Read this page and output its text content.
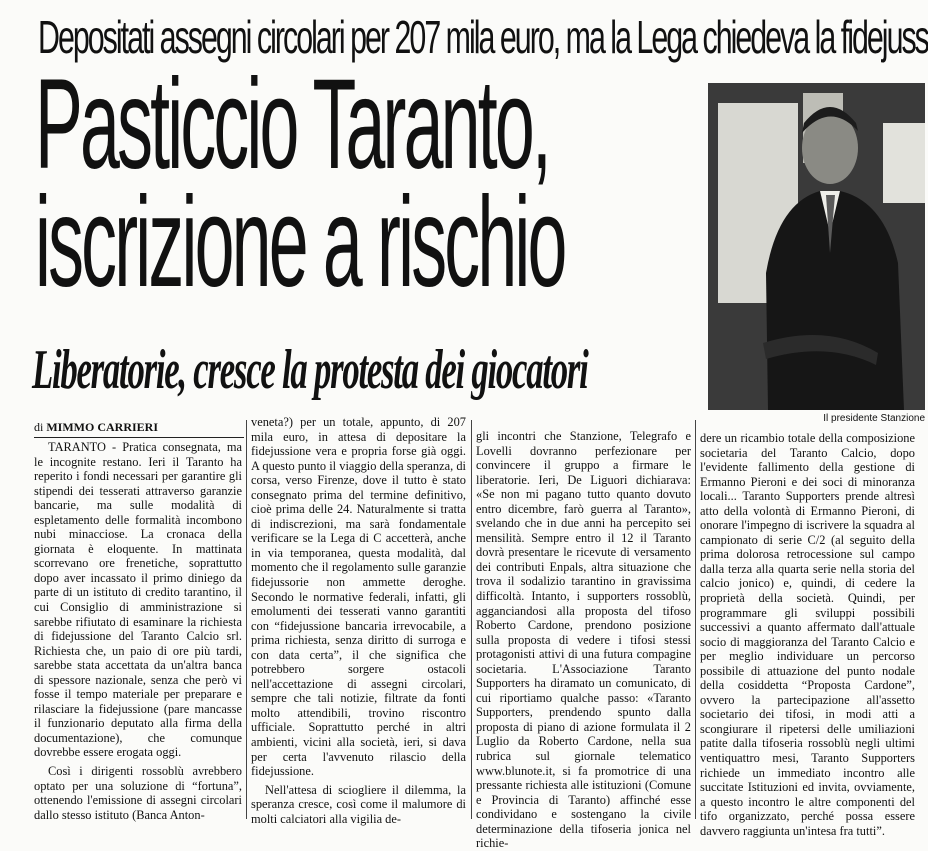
Depositati assegni circolari per 207 mila euro, ma la Lega chiedeva la fidejuss
Pasticcio Taranto,
iscrizione a rischio
Liberatorie, cresce la protesta dei giocatori
Il presidente Stanzione
di MIMMO CARRIERI

TARANTO - Pratica consegnata, ma le incognite restano. Ieri il Taranto ha reperito i fondi necessari per garantire gli stipendi dei tesserati attraverso garanzie bancarie, ma sulle modalità di espletamento delle formalità incombono nubi minacciose. La cronaca della giornata è eloquente. In mattinata scorrevano ore frenetiche, soprattutto dopo aver incassato il primo diniego da parte di un istituto di credito tarantino, il cui Consiglio di amministrazione si sarebbe rifiutato di esaminare la richiesta di fidejussione del Taranto Calcio srl. Richiesta che, un paio di ore più tardi, sarebbe stata accettata da un'altra banca di spessore nazionale, senza che però vi fosse il tempo materiale per preparare e rilasciare la fidejussione (pare mancasse il funzionario deputato alla firma della documentazione), che comunque dovrebbe essere erogata oggi.

Così i dirigenti rossoblù avrebbero optato per una soluzione di “fortuna”, ottenendo l'emissione di assegni circolari dallo stesso istituto (Banca Anton-

veneta?) per un totale, appunto, di 207 mila euro, in attesa di depositare la fidejussione vera e propria forse già oggi. A questo punto il viaggio della speranza, di corsa, verso Firenze, dove il tutto è stato consegnato prima del termine definitivo, cioè prima delle 24. Naturalmente si tratta di indiscrezioni, ma sarà fondamentale verificare se la Lega di C accetterà, anche in via temporanea, questa modalità, dal momento che il regolamento sulle garanzie fidejussorie non ammette deroghe. Secondo le normative federali, infatti, gli emolumenti dei tesserati vanno garantiti con “fidejussione bancaria irrevocabile, a prima richiesta, senza diritto di surroga e con data certa”, il che significa che potrebbero sorgere ostacoli nell'accettazione di assegni circolari, sempre che tali notizie, filtrate da fonti molto attendibili, trovino riscontro ufficiale. Soprattutto perché in altri ambienti, vicini alla società, ieri, si dava per certa l'avvenuto rilascio della fidejussione.

Nell'attesa di sciogliere il dilemma, la speranza cresce, così come il malumore di molti calciatori alla vigilia de-

gli incontri che Stanzione, Telegrafo e Lovelli dovranno perfezionare per convincere il gruppo a firmare le liberatorie. Ieri, De Liguori dichiarava: «Se non mi pagano tutto quanto dovuto entro dicembre, farò guerra al Taranto», svelando che in due anni ha percepito sei mensilità. Sempre entro il 12 il Taranto dovrà presentare le ricevute di versamento dei contributi Enpals, altra situazione che trova il sodalizio tarantino in gravissima difficoltà. Intanto, i supporters rossoblù, agganciandosi alla proposta del tifoso Roberto Cardone, prendono posizione sulla proposta di vedere i tifosi stessi protagonisti attivi di una futura compagine societaria. L'Associazione Taranto Supporters ha diramato un comunicato, di cui riportiamo qualche passo: «Taranto Supporters, prendendo spunto dalla proposta di piano di azione formulata il 2 Luglio da Roberto Cardone, nella sua rubrica sul giornale telematico www.blunote.it, si fa promotrice di una pressante richiesta alle istituzioni (Comune e Provincia di Taranto) affinché esse condividano e sostengano la civile determinazione della tifoseria jonica nel richie-

dere un ricambio totale della composizione societaria del Taranto Calcio, dopo l'evidente fallimento della gestione di Ermanno Pieroni e dei soci di minoranza locali... Taranto Supporters prende altresì atto della volontà di Ermanno Pieroni, di onorare l'impegno di iscrivere la squadra al campionato di serie C/2 (al seguito della prima dolorosa retrocessione sul campo dalla terza alla quarta serie nella storia del calcio jonico) e, quindi, di cedere la proprietà della società. Quindi, per programmare gli sviluppi possibili successivi a quanto affermato dall'attuale socio di maggioranza del Taranto Calcio e per meglio individuare un percorso possibile di attuazione del punto nodale della cosiddetta “Proposta Cardone”, ovvero la partecipazione all'assetto societario dei tifosi, in modi atti a scongiurare il ripetersi delle umiliazioni patite dalla tifoseria rossoblù negli ultimi ventiquattro mesi, Taranto Supporters richiede un immediato incontro alle succitate Istituzioni ed invita, ovviamente, a questo incontro le altre componenti del tifo organizzato, perché possa essere davvero raggiunta un'intesa fra tutti”.
